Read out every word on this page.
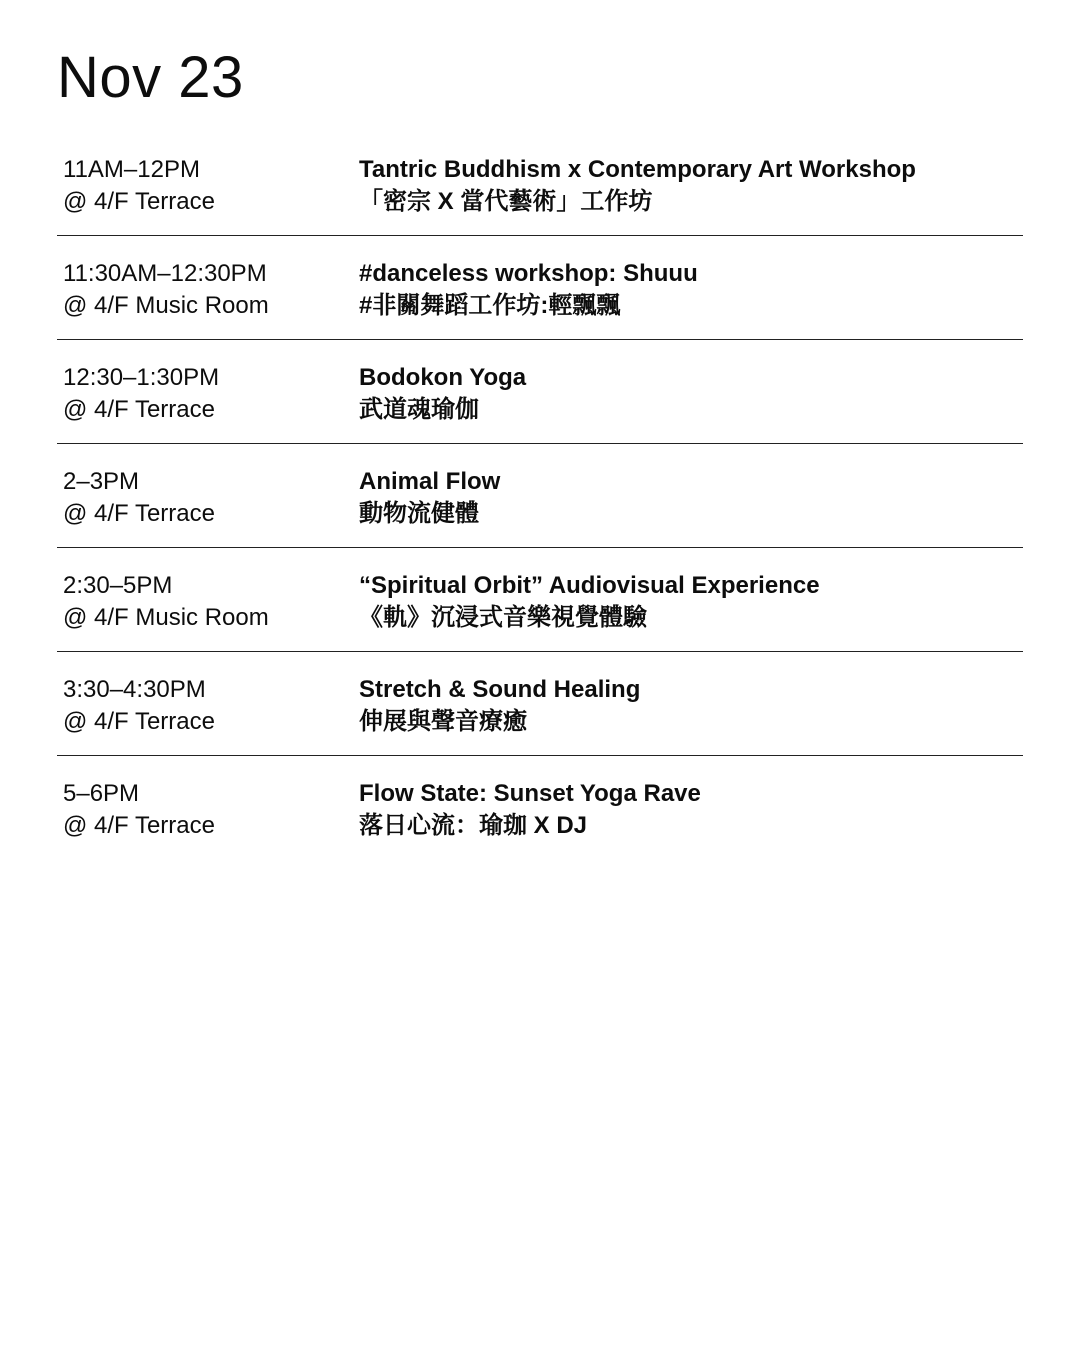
Nov 23
11AM–12PM
@ 4/F Terrace
Tantric Buddhism x Contemporary Art Workshop
「密宗 X 當代藝術」工作坊
11:30AM–12:30PM
@ 4/F Music Room
#danceless workshop: Shuuu
#非關舞蹈工作坊:輕飄飄
12:30–1:30PM
@ 4/F Terrace
Bodokon Yoga
武道魂瑜伽
2–3PM
@ 4/F Terrace
Animal Flow
動物流健體
2:30–5PM
@ 4/F Music Room
“Spiritual Orbit” Audiovisual Experience
《軌》沉浸式音樂視覺體驗
3:30–4:30PM
@ 4/F Terrace
Stretch & Sound Healing
伸展與聲音療癒
5–6PM
@ 4/F Terrace
Flow State: Sunset Yoga Rave
落日心流：瑜珈 X DJ
